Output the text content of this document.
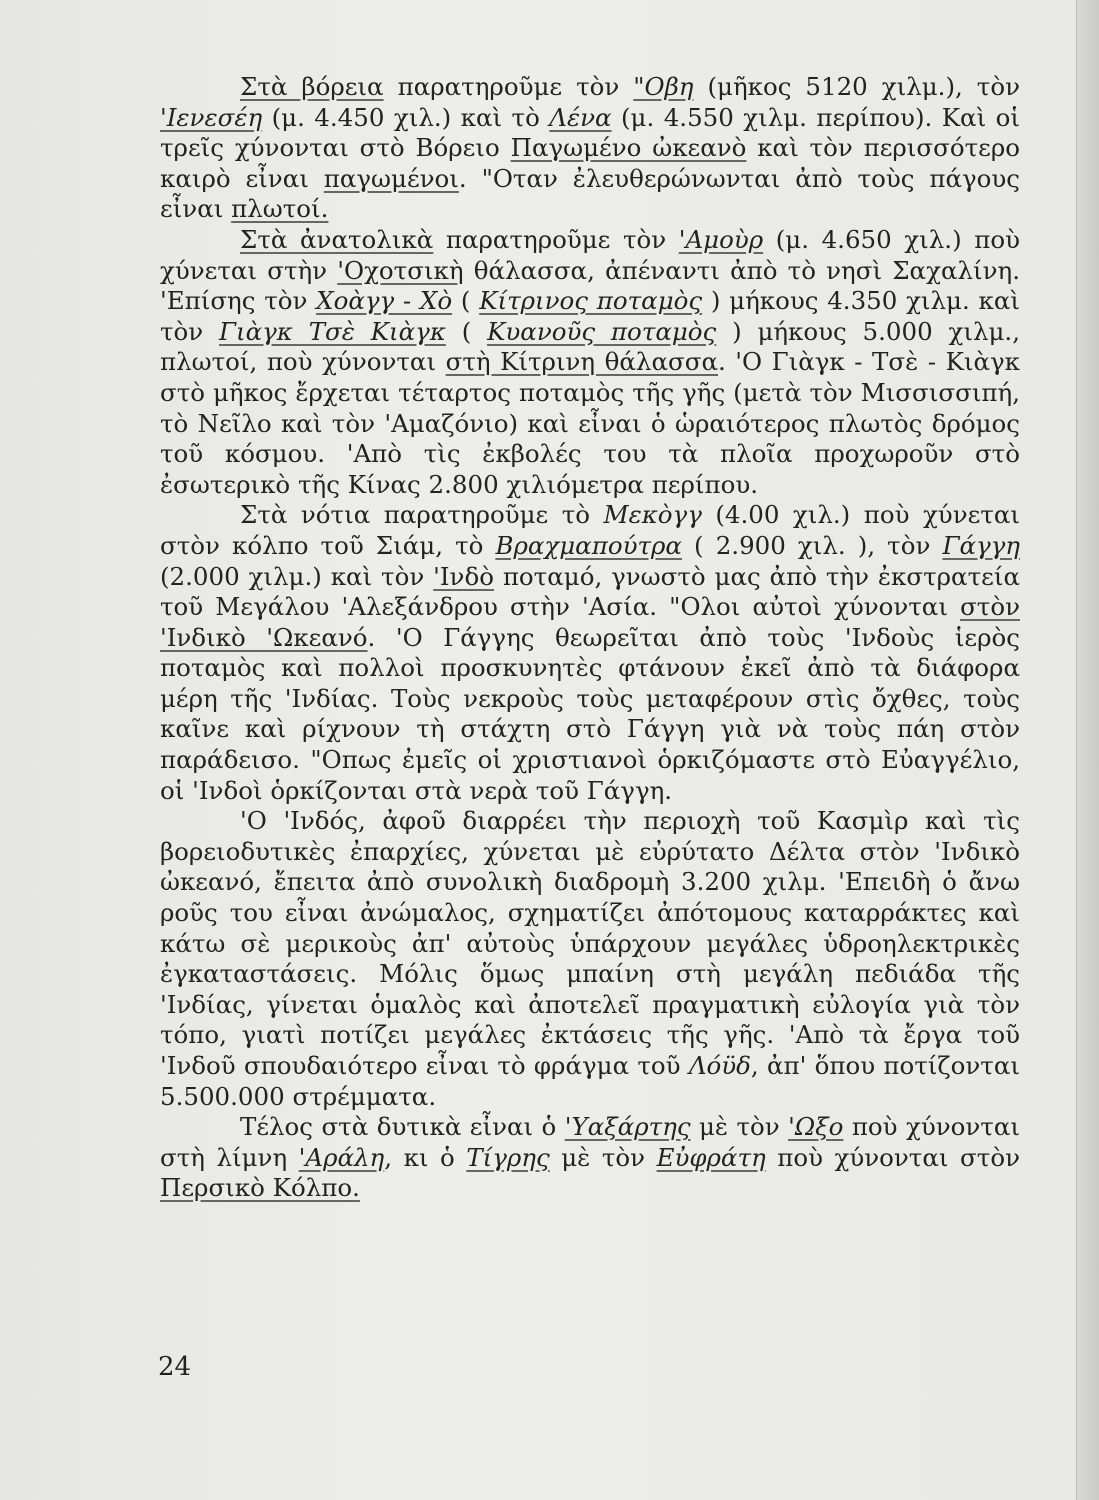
Στὰ βόρεια παρατηροῦμε τὸν "Οβη (μῆκος 5120 χιλμ.), τὸν 'Ιενεσέη (μ. 4.450 χιλ.) καὶ τὸ Λένα (μ. 4.550 χιλμ. περίπου). Καὶ οἱ τρεῖς χύνονται στὸ Βόρειο Παγωμένο ὠκεανὸ καὶ τὸν περισσότερο καιρὸ εἶναι παγωμένοι. "Οταν ἐλευθερώνωνται ἀπὸ τοὺς πάγους εἶναι πλωτοί.

Στὰ ἀνατολικὰ παρατηροῦμε τὸν 'Αμοὺρ (μ. 4.650 χιλ.) ποὺ χύνεται στὴν 'Οχοτσικὴ θάλασσα, ἀπέναντι ἀπὸ τὸ νησὶ Σαχαλίνη. 'Επίσης τὸν Χοὰγγ - Χὸ ( Κίτρινος ποταμὸς ) μήκους 4.350 χιλμ. καὶ τὸν Γιὰγκ Τσὲ Κιὰγκ ( Κυανοῦς ποταμὸς ) μήκους 5.000 χιλμ., πλωτοί, ποὺ χύνονται στὴ Κίτρινη θάλασσα. 'Ο Γιὰγκ - Τσὲ - Κιὰγκ στὸ μῆκος ἔρχεται τέταρτος ποταμὸς τῆς γῆς (μετὰ τὸν Μισσισσιπή, τὸ Νεῖλο καὶ τὸν 'Αμαζόνιο) καὶ εἶναι ὁ ὡραιότερος πλωτὸς δρόμος τοῦ κόσμου. 'Απὸ τὶς ἐκβολές του τὰ πλοῖα προχωροῦν στὸ ἐσωτερικὸ τῆς Κίνας 2.800 χιλιόμετρα περίπου.

Στὰ νότια παρατηροῦμε τὸ Μεκὸγγ (4.00 χιλ.) ποὺ χύνεται στὸν κόλπο τοῦ Σιάμ, τὸ Βραχμαπούτρα ( 2.900 χιλ. ), τὸν Γάγγη (2.000 χιλμ.) καὶ τὸν 'Ινδὸ ποταμό, γνωστὸ μας ἀπὸ τὴν ἐκστρατεία τοῦ Μεγάλου 'Αλεξάνδρου στὴν 'Ασία. "Ολοι αὐτοὶ χύνονται στὸν 'Ινδικὸ 'Ωκεανό. 'Ο Γάγγης θεωρεῖται ἀπὸ τοὺς 'Ινδοὺς ἱερὸς ποταμὸς καὶ πολλοὶ προσκυνητὲς φτάνουν ἐκεῖ ἀπὸ τὰ διάφορα μέρη τῆς 'Ινδίας. Τοὺς νεκροὺς τοὺς μεταφέρουν στὶς ὄχθες, τοὺς καῖνε καὶ ρίχνουν τὴ στάχτη στὸ Γάγγη γιὰ νὰ τοὺς πάη στὸν παράδεισο. "Οπως ἐμεῖς οἱ χριστιανοὶ ὁρκιζόμαστε στὸ Εὐαγγέλιο, οἱ 'Ινδοὶ ὁρκίζονται στὰ νερὰ τοῦ Γάγγη.

'Ο 'Ινδός, ἀφοῦ διαρρέει τὴν περιοχὴ τοῦ Κασμὶρ καὶ τὶς βορειοδυτικὲς ἐπαρχίες, χύνεται μὲ εὐρύτατο Δέλτα στὸν 'Ινδικὸ ὠκεανό, ἔπειτα ἀπὸ συνολικὴ διαδρομὴ 3.200 χιλμ. 'Επειδὴ ὁ ἄνω ροῦς του εἶναι ἀνώμαλος, σχηματίζει ἀπότομους καταρράκτες καὶ κάτω σὲ μερικοὺς ἀπ' αὐτοὺς ὑπάρχουν μεγάλες ὑδροηλεκτρικὲς ἐγκαταστάσεις. Μόλις ὅμως μπαίνη στὴ μεγάλη πεδιάδα τῆς 'Ινδίας, γίνεται ὁμαλὸς καὶ ἀποτελεῖ πραγματικὴ εὐλογία γιὰ τὸν τόπο, γιατὶ ποτίζει μεγάλες ἐκτάσεις τῆς γῆς. 'Απὸ τὰ ἔργα τοῦ 'Ινδοῦ σπουδαιότερο εἶναι τὸ φράγμα τοῦ Λόϋδ, ἀπ' ὅπου ποτίζονται 5.500.000 στρέμματα.

Τέλος στὰ δυτικὰ εἶναι ὁ 'Υαξάρτης μὲ τὸν 'Ωξο ποὺ χύνονται στὴ λίμνη 'Αράλη, κι ὁ Τίγρης μὲ τὸν Εὐφράτη ποὺ χύνονται στὸν Περσικὸ Κόλπο.

24
